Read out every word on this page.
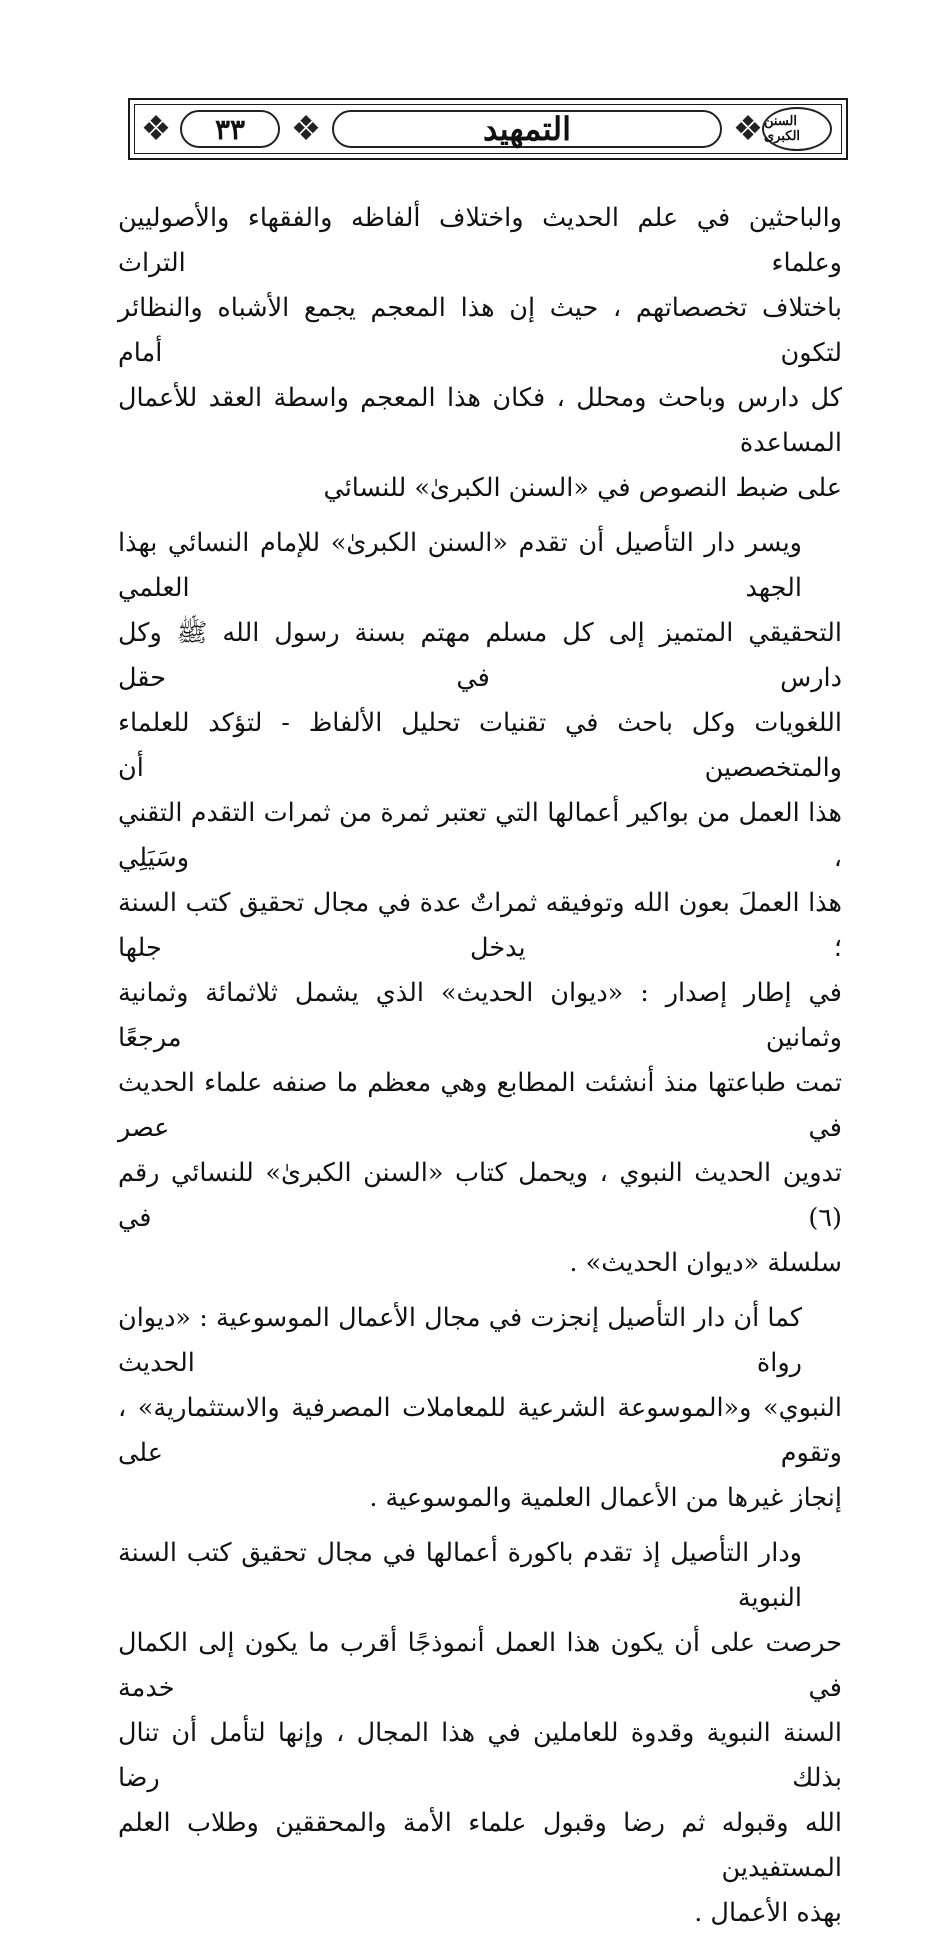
❖ ٣٣ ❖	التمهيد	❖ السنن الكبرى

والباحثين في علم الحديث واختلاف ألفاظه والفقهاء والأصوليين وعلماء التراث
باختلاف تخصصاتهم ، حيث إن هذا المعجم يجمع الأشباه والنظائر لتكون أمام
كل دارس وباحث ومحلل ، فكان هذا المعجم واسطة العقد للأعمال المساعدة
على ضبط النصوص في «السنن الكبرىٰ» للنسائي

ويسر دار التأصيل أن تقدم «السنن الكبرىٰ» للإمام النسائي بهذا الجهد العلمي
التحقيقي المتميز إلى كل مسلم مهتم بسنة رسول الله ﷺ وكل دارس في حقل
اللغويات وكل باحث في تقنيات تحليل الألفاظ - لتؤكد للعلماء والمتخصصين أن
هذا العمل من بواكير أعمالها التي تعتبر ثمرة من ثمرات التقدم التقني ، وسَيَلِي
هذا العملَ بعون الله وتوفيقه ثمراتٌ عدة في مجال تحقيق كتب السنة ؛ يدخل جلها
في إطار إصدار : «ديوان الحديث» الذي يشمل ثلاثمائة وثمانية وثمانين مرجعًا
تمت طباعتها منذ أنشئت المطابع وهي معظم ما صنفه علماء الحديث في عصر
تدوين الحديث النبوي ، ويحمل كتاب «السنن الكبرىٰ» للنسائي رقم (٦) في
سلسلة «ديوان الحديث» .

كما أن دار التأصيل إنجزت في مجال الأعمال الموسوعية : «ديوان رواة الحديث
النبوي» و«الموسوعة الشرعية للمعاملات المصرفية والاستثمارية» ، وتقوم على
إنجاز غيرها من الأعمال العلمية والموسوعية .

ودار التأصيل إذ تقدم باكورة أعمالها في مجال تحقيق كتب السنة النبوية
حرصت على أن يكون هذا العمل أنموذجًا أقرب ما يكون إلى الكمال في خدمة
السنة النبوية وقدوة للعاملين في هذا المجال ، وإنها لتأمل أن تنال بذلك رضا
الله وقبوله ثم رضا وقبول علماء الأمة والمحققين وطلاب العلم المستفيدين
بهذه الأعمال .
